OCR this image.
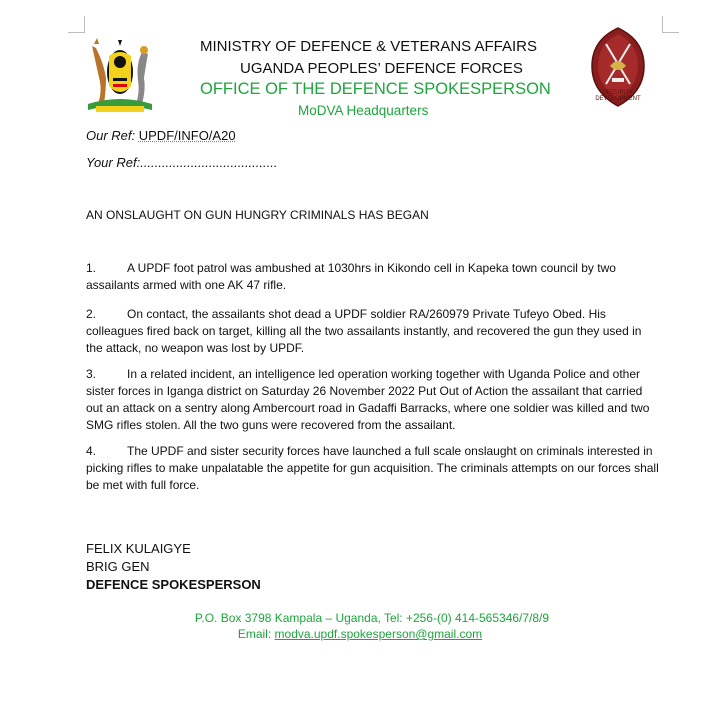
SECURITY DEVELOPMENT
MINISTRY OF DEFENCE & VETERANS AFFAIRS
UGANDA PEOPLES’ DEFENCE FORCES
OFFICE OF THE DEFENCE SPOKESPERSON
MoDVA Headquarters
Our Ref: UPDF/INFO/A20
Your Ref:......................................
AN ONSLAUGHT ON GUN HUNGRY CRIMINALS HAS BEGAN
1.	A UPDF foot patrol was ambushed at 1030hrs in Kikondo cell in Kapeka town council by two assailants armed with one AK 47 rifle.
2.	On contact, the assailants shot dead a UPDF soldier RA/260979 Private Tufeyo Obed. His colleagues fired back on target, killing all the two assailants instantly, and recovered the gun they used in the attack, no weapon was lost by UPDF.
3.	In a related incident, an intelligence led operation working together with Uganda Police and other sister forces in Iganga district on Saturday 26 November 2022 Put Out of Action the assailant that carried out an attack on a sentry along Ambercourt road in Gadaffi Barracks, where one soldier was killed and two SMG rifles stolen. All the two guns were recovered from the assailant.
4.	The UPDF and sister security forces have launched a full scale onslaught on criminals interested in picking rifles to make unpalatable the appetite for gun acquisition. The criminals attempts on our forces shall be met with full force.
FELIX KULAIGYE
BRIG GEN
DEFENCE SPOKESPERSON
P.O. Box 3798 Kampala – Uganda, Tel: +256-(0) 414-565346/7/8/9
Email: modva.updf.spokesperson@gmail.com
